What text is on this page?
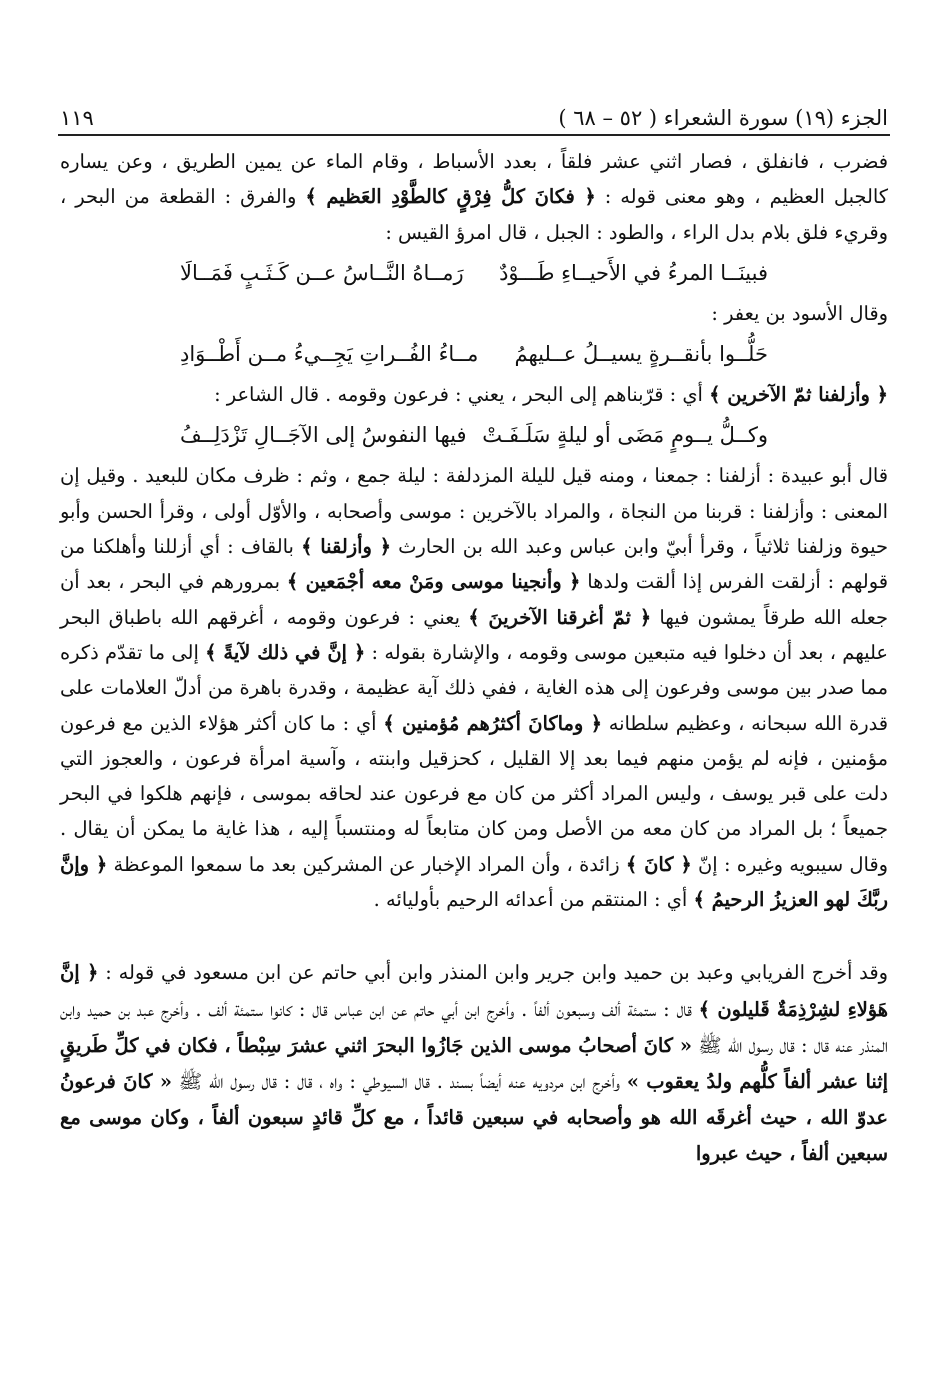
الجزء (١٩) سورة الشعراء ( ٥٢ – ٦٨ )
١١٩

فضرب ، فانفلق ، فصار اثني عشر فلقاً ، بعدد الأسباط ، وقام الماء عن يمين الطريق ، وعن يساره كالجبل العظيم ، وهو معنى قوله : ﴿ فكانَ كلُّ فِرْقٍ كالطَّوْدِ العَظيم ﴾ والفرق : القطعة من البحر ، وقريء فلق بلام بدل الراء ، والطود : الجبل ، قال امرؤ القيس :

فبينَــا المرءُ في الأَحيــاءِ طَـــوْدٌ
رَمــاهُ النَّــاسُ عــن كَـثَـبٍ فَمَــالَا

وقال الأسود بن يعفر :

حَلُّــوا بأنقــرةٍ يسيــلُ عــليهمُ
مــاءُ الفُــراتِ يَجِــيءُ مــن أَطْــوَادِ

﴿ وأزلفنا ثمّ الآخرين ﴾ أي : قرّبناهم إلى البحر ، يعني : فرعون وقومه . قال الشاعر :

وكــلُّ يــومٍ مَضَى أو ليلةٍ سَلَـفَـتْ
فيها النفوسُ إلى الآجَــالِ تَزْدَلِــفُ

قال أبو عبيدة : أزلفنا : جمعنا ، ومنه قيل لليلة المزدلفة : ليلة جمع ، وثم : ظرف مكان للبعيد . وقيل إن المعنى : وأزلفنا : قربنا من النجاة ، والمراد بالآخرين : موسى وأصحابه ، والأوّل أولى ، وقرأ الحسن وأبو حيوة وزلفنا ثلاثياً ، وقرأ أبيّ وابن عباس وعبد الله بن الحارث ﴿ وأزلقنا ﴾ بالقاف : أي أزللنا وأهلكنا من قولهم : أزلقت الفرس إذا ألقت ولدها ﴿ وأنجينا موسى ومَنْ معه أجْمَعين ﴾ بمرورهم في البحر ، بعد أن جعله الله طرقاً يمشون فيها ﴿ ثمّ أغرقنا الآخرينَ ﴾ يعني : فرعون وقومه ، أغرقهم الله باطباق البحر عليهم ، بعد أن دخلوا فيه متبعين موسى وقومه ، والإشارة بقوله : ﴿ إنَّ في ذلك لآيةً ﴾ إلى ما تقدّم ذكره مما صدر بين موسى وفرعون إلى هذه الغاية ، ففي ذلك آية عظيمة ، وقدرة باهرة من أدلّ العلامات على قدرة الله سبحانه ، وعظيم سلطانه ﴿ وماكانَ أكثرُهم مُؤمنين ﴾ أي : ما كان أكثر هؤلاء الذين مع فرعون مؤمنين ، فإنه لم يؤمن منهم فيما بعد إلا القليل ، كحزقيل وابنته ، وآسية امرأة فرعون ، والعجوز التي دلت على قبر يوسف ، وليس المراد أكثر من كان مع فرعون عند لحاقه بموسى ، فإنهم هلكوا في البحر جميعاً ؛ بل المراد من كان معه من الأصل ومن كان متابعاً له ومنتسباً إليه ، هذا غاية ما يمكن أن يقال . وقال سيبويه وغيره : إنّ ﴿ كانَ ﴾ زائدة ، وأن المراد الإخبار عن المشركين بعد ما سمعوا الموعظة ﴿ وإنَّ ربَّكَ لهو العزيزُ الرحيمُ ﴾ أي : المنتقم من أعدائه الرحيم بأوليائه .

وقد أخرج الفريابي وعبد بن حميد وابن جرير وابن المنذر وابن أبي حاتم عن ابن مسعود في قوله : ﴿ إنَّ هَؤلاءِ لشِرْذِمَةٌ قَليلون ﴾ قال : ستمئة ألف وسبعون ألفاً . وأخرج ابن أبي حاتم عن ابن عباس قال : كانوا ستمئة ألف . وأخرج عبد بن حميد وابن المنذر عنه قال : قال رسول الله ﷺ « كانَ أصحابُ موسى الذين جَازُوا البحرَ اثني عشرَ سِبْطاً ، فكان في كلِّ طَريقٍ إثنا عشر ألفاً كلُّهم ولدُ يعقوب » وأخرج ابن مردويه عنه أيضاً بسند . قال السيوطي : واه ، قال : قال رسول الله ﷺ « كانَ فرعونُ عدوّ الله ، حيث أغرقَه الله هو وأصحابه في سبعين قائداً ، مع كلِّ قائدٍ سبعون ألفاً ، وكان موسى مع سبعين ألفاً ، حيث عبروا
